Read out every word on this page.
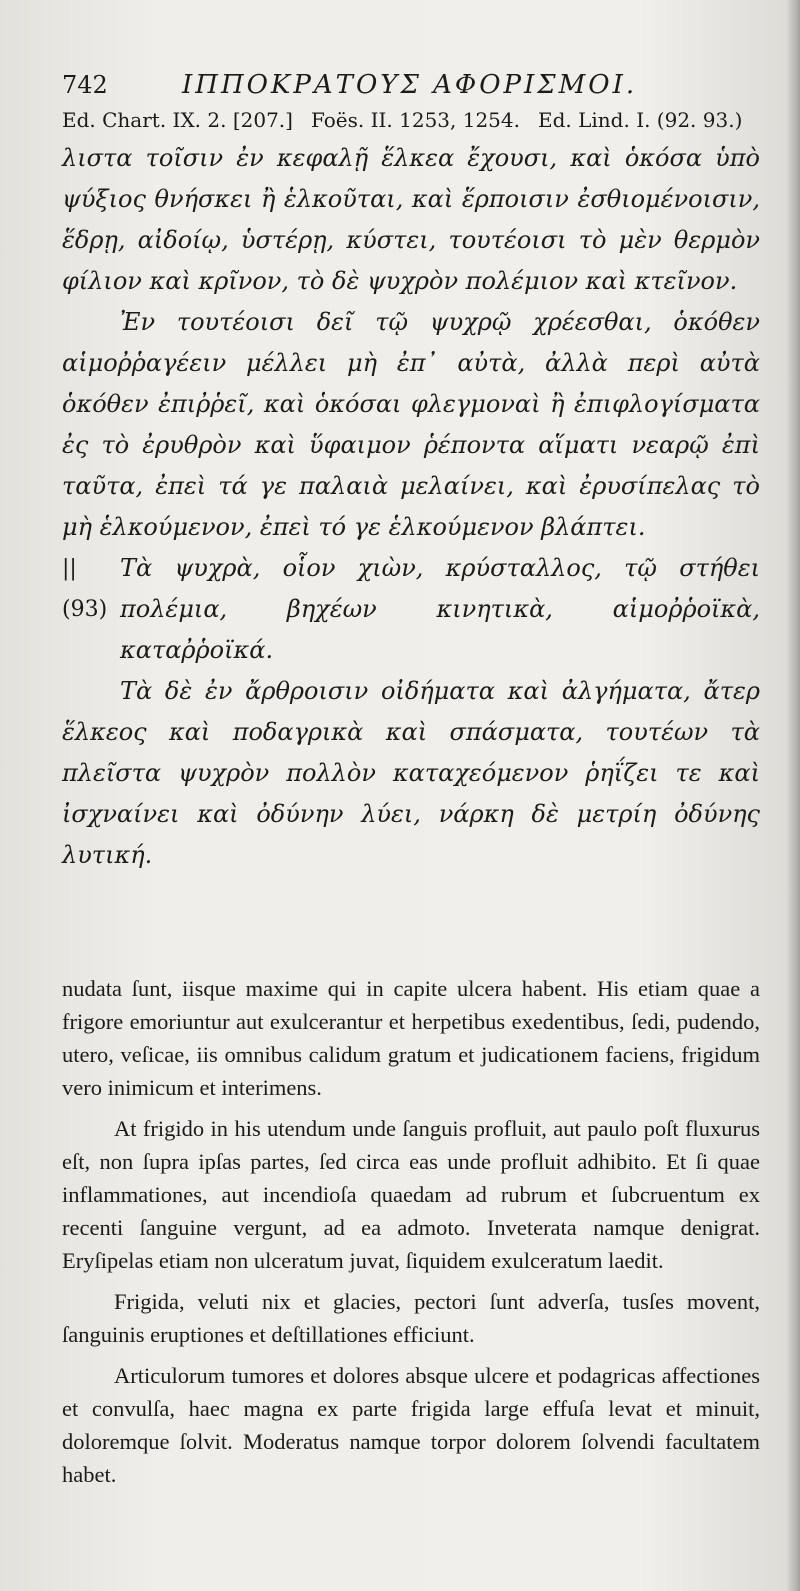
742	ΙΠΠΟΚΡΑΤΟΥΣ ΑΦΟΡΙΣΜΟΙ.
Ed. Chart. IX. 2. [207.] Foës. II. 1253, 1254. Ed. Lind. I. (92. 93.)

λιστα τοῖσιν ἐν κεφαλῇ ἕλκεα ἔχουσι, καὶ ὁκόσα ὑπὸ ψύξιος θνήσκει ἢ ἑλκοῦται, καὶ ἕρποισιν ἐσθιομένοισιν, ἕδρῃ, αἰδοίῳ, ὑστέρῃ, κύστει, τουτέοισι τὸ μὲν θερμὸν φίλιον καὶ κρῖνον, τὸ δὲ ψυχρὸν πολέμιον καὶ κτεῖνον.

Ἐν τουτέοισι δεῖ τῷ ψυχρῷ χρέεσθαι, ὁκόθεν αἱμοῤῥαγέειν μέλλει μὴ ἐπ᾽ αὐτὰ, ἀλλὰ περὶ αὐτὰ ὁκόθεν ἐπιῤῥεῖ, καὶ ὁκόσαι φλεγμοναὶ ἢ ἐπιφλογίσματα ἐς τὸ ἐρυθρὸν καὶ ὕφαιμον ῥέποντα αἵματι νεαρῷ ἐπὶ ταῦτα, ἐπεὶ τά γε παλαιὰ μελαίνει, καὶ ἐρυσίπελας τὸ μὴ ἑλκούμενον, ἐπεὶ τό γε ἑλκούμενον βλάπτει.

|| (93)

Τὰ ψυχρὰ, οἷον χιὼν, κρύσταλλος, τῷ στήθει πολέμια, βηχέων κινητικὰ, αἱμοῤῥοϊκὰ, καταῤῥοϊκά.

Τὰ δὲ ἐν ἄρθροισιν οἰδήματα καὶ ἀλγήματα, ἄτερ ἕλκεος καὶ ποδαγρικὰ καὶ σπάσματα, τουτέων τὰ πλεῖστα ψυχρὸν πολλὸν καταχεόμενον ῥηΐζει τε καὶ ἰσχναίνει καὶ ὀδύνην λύει, νάρκη δὲ μετρίη ὀδύνης λυτική.

nudata ſunt, iisque maxime qui in capite ulcera habent. His etiam quae a frigore emoriuntur aut exulcerantur et herpetibus exedentibus, ſedi, pudendo, utero, veſicae, iis omnibus calidum gratum et judicationem faciens, frigidum vero inimicum et interimens.

At frigido in his utendum unde ſanguis profluit, aut paulo poſt fluxurus eſt, non ſupra ipſas partes, ſed circa eas unde profluit adhibito. Et ſi quae inflammationes, aut incendioſa quaedam ad rubrum et ſubcruentum ex recenti ſanguine vergunt, ad ea admoto. Inveterata namque denigrat. Eryſipelas etiam non ulceratum juvat, ſiquidem exulceratum laedit.

Frigida, veluti nix et glacies, pectori ſunt adverſa, tusſes movent, ſanguinis eruptiones et deſtillationes efficiunt.

Articulorum tumores et dolores absque ulcere et podagricas affectiones et convulſa, haec magna ex parte frigida large effuſa levat et minuit, doloremque ſolvit. Moderatus namque torpor dolorem ſolvendi facultatem habet.
